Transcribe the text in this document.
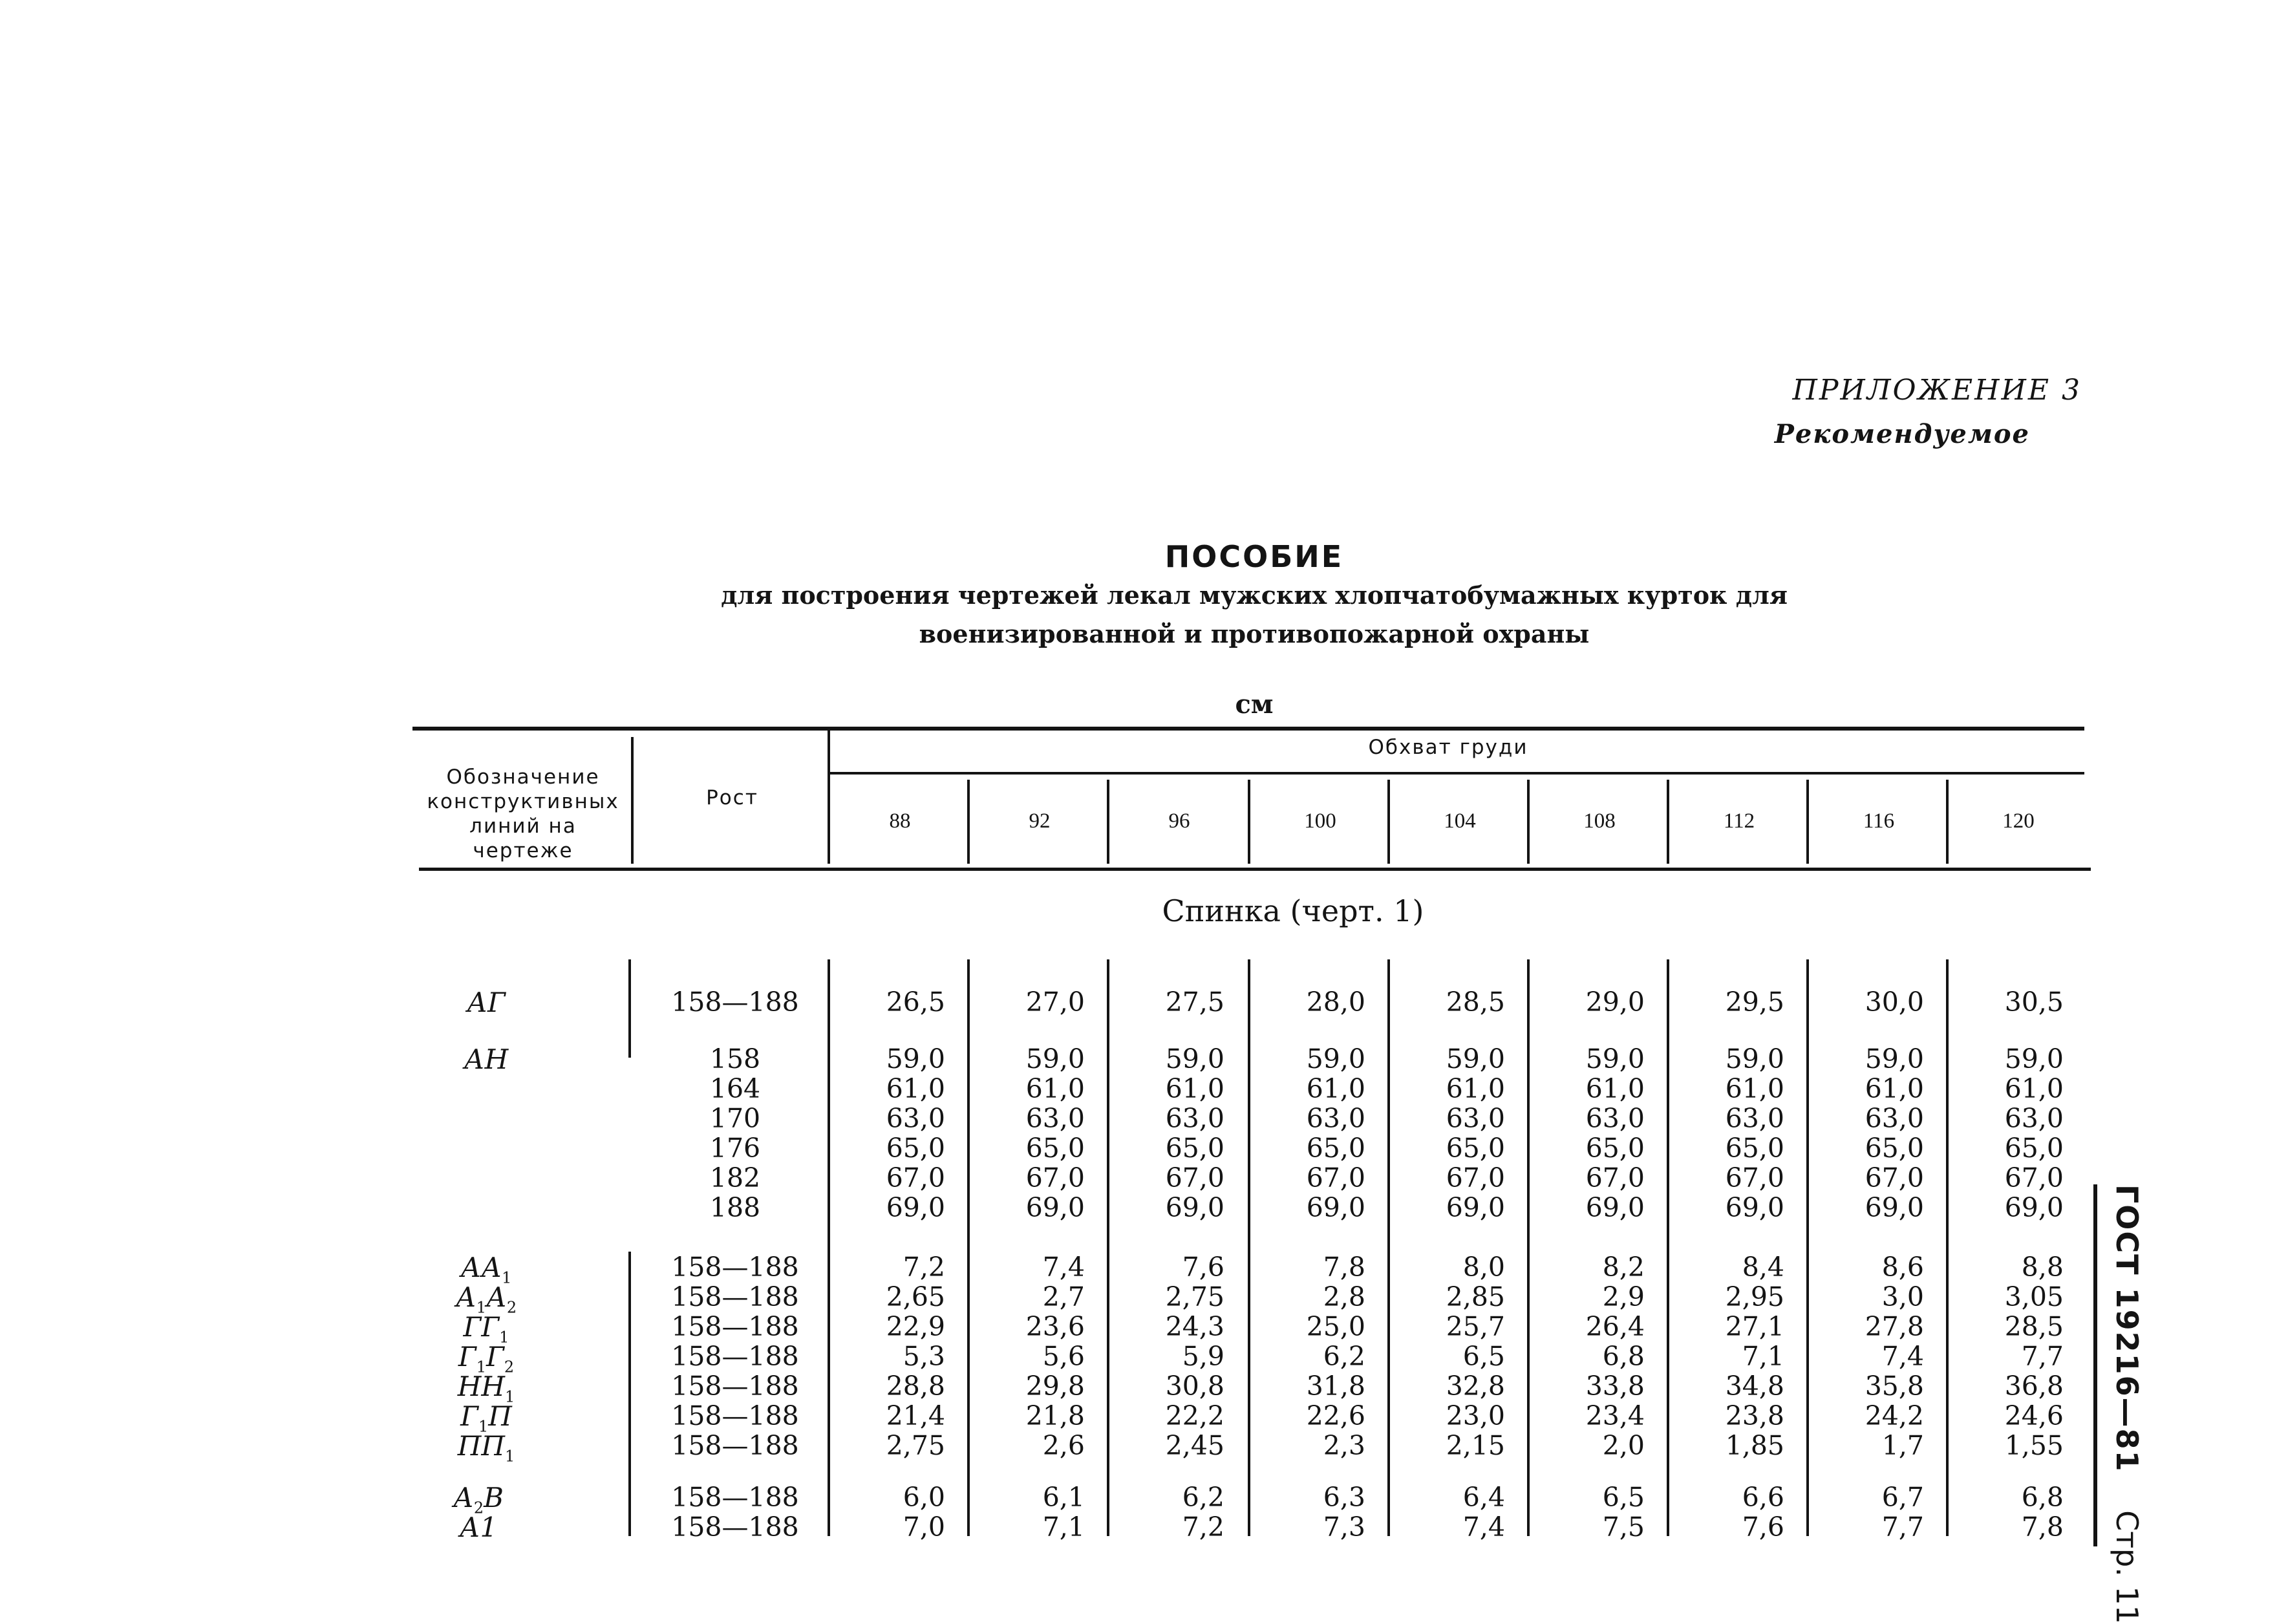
ПРИЛОЖЕНИЕ 3
Рекомендуемое
ПОСОБИЕ
для построения чертежей лекал мужских хлопчатобумажных курток для
военизированной и противопожарной охраны
см
Обозначение
конструктивных
линий на чертеже
Рост
Обхват груди
88	92	96	100	104	108	112	116	120
Спинка (черт. 1)
АГ	158—188	26,5	27,0	27,5	28,0	28,5	29,0	29,5	30,0	30,5
АН	158	59,0	59,0	59,0	59,0	59,0	59,0	59,0	59,0	59,0
164	61,0	61,0	61,0	61,0	61,0	61,0	61,0	61,0	61,0
170	63,0	63,0	63,0	63,0	63,0	63,0	63,0	63,0	63,0
176	65,0	65,0	65,0	65,0	65,0	65,0	65,0	65,0	65,0
182	67,0	67,0	67,0	67,0	67,0	67,0	67,0	67,0	67,0
188	69,0	69,0	69,0	69,0	69,0	69,0	69,0	69,0	69,0
$АА_1$	158—188	7,2	7,4	7,6	7,8	8,0	8,2	8,4	8,6	8,8
$А_1А_2$	158—188	2,65	2,7	2,75	2,8	2,85	2,9	2,95	3,0	3,05
$ГГ_1$	158—188	22,9	23,6	24,3	25,0	25,7	26,4	27,1	27,8	28,5
$Г_1Г_2$	158—188	5,3	5,6	5,9	6,2	6,5	6,8	7,1	7,4	7,7
$НН_1$	158—188	28,8	29,8	30,8	31,8	32,8	33,8	34,8	35,8	36,8
$Г_1П$	158—188	21,4	21,8	22,2	22,6	23,0	23,4	23,8	24,2	24,6
$ПП_1$	158—188	2,75	2,6	2,45	2,3	2,15	2,0	1,85	1,7	1,55
$А_2В$	158—188	6,0	6,1	6,2	6,3	6,4	6,5	6,6	6,7	6,8
А1	158—188	7,0	7,1	7,2	7,3	7,4	7,5	7,6	7,7	7,8
ГОСТ 19216—81    Стр. 11
